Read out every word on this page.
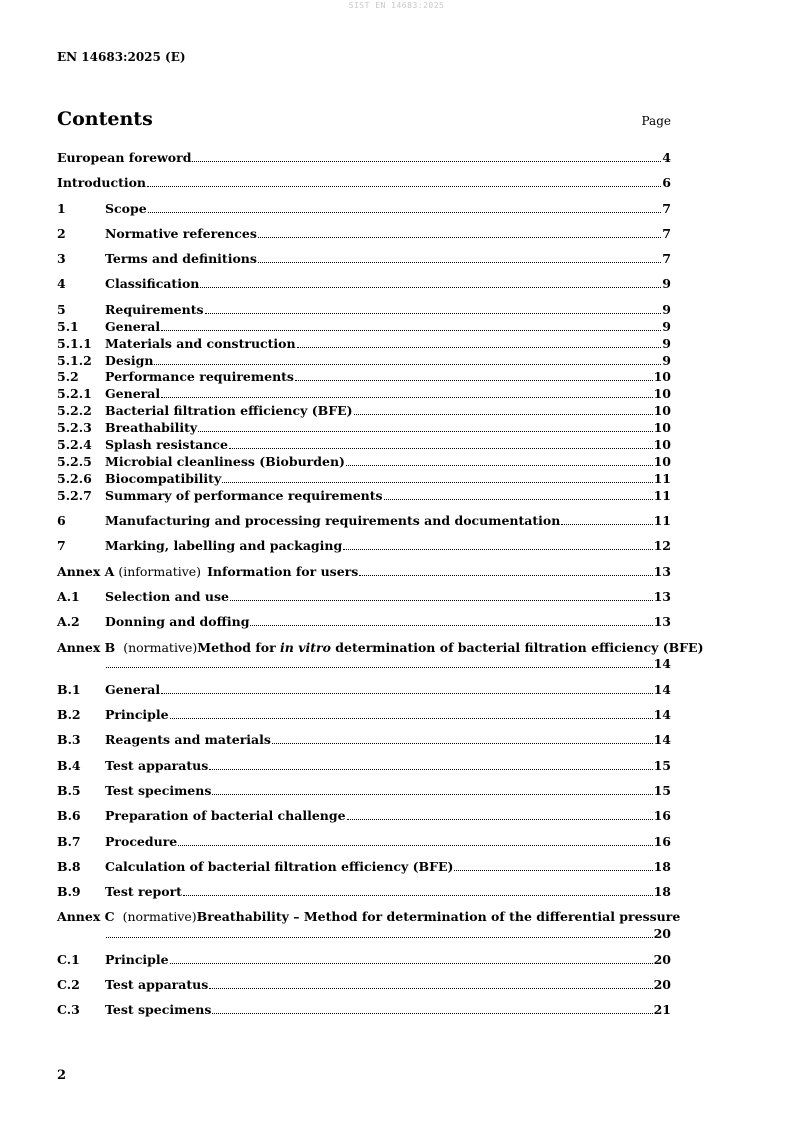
SIST EN 14683:2025
EN 14683:2025 (E)
Contents	Page
European foreword	4
Introduction	6
1	Scope	7
2	Normative references	7
3	Terms and definitions	7
4	Classification	9
5	Requirements	9
5.1	General	9
5.1.1	Materials and construction	9
5.1.2	Design	9
5.2	Performance requirements	10
5.2.1	General	10
5.2.2	Bacterial filtration efficiency (BFE)	10
5.2.3	Breathability	10
5.2.4	Splash resistance	10
5.2.5	Microbial cleanliness (Bioburden)	10
5.2.6	Biocompatibility	11
5.2.7	Summary of performance requirements	11
6	Manufacturing and processing requirements and documentation	11
7	Marking, labelling and packaging	12
Annex A (informative) Information for users	13
A.1	Selection and use	13
A.2	Donning and doffing	13
Annex B (normative) Method for in vitro determination of bacterial filtration efficiency (BFE)
14
B.1	General	14
B.2	Principle	14
B.3	Reagents and materials	14
B.4	Test apparatus	15
B.5	Test specimens	15
B.6	Preparation of bacterial challenge	16
B.7	Procedure	16
B.8	Calculation of bacterial filtration efficiency (BFE)	18
B.9	Test report	18
Annex C (normative) Breathability – Method for determination of the differential pressure
20
C.1	Principle	20
C.2	Test apparatus	20
C.3	Test specimens	21
2
